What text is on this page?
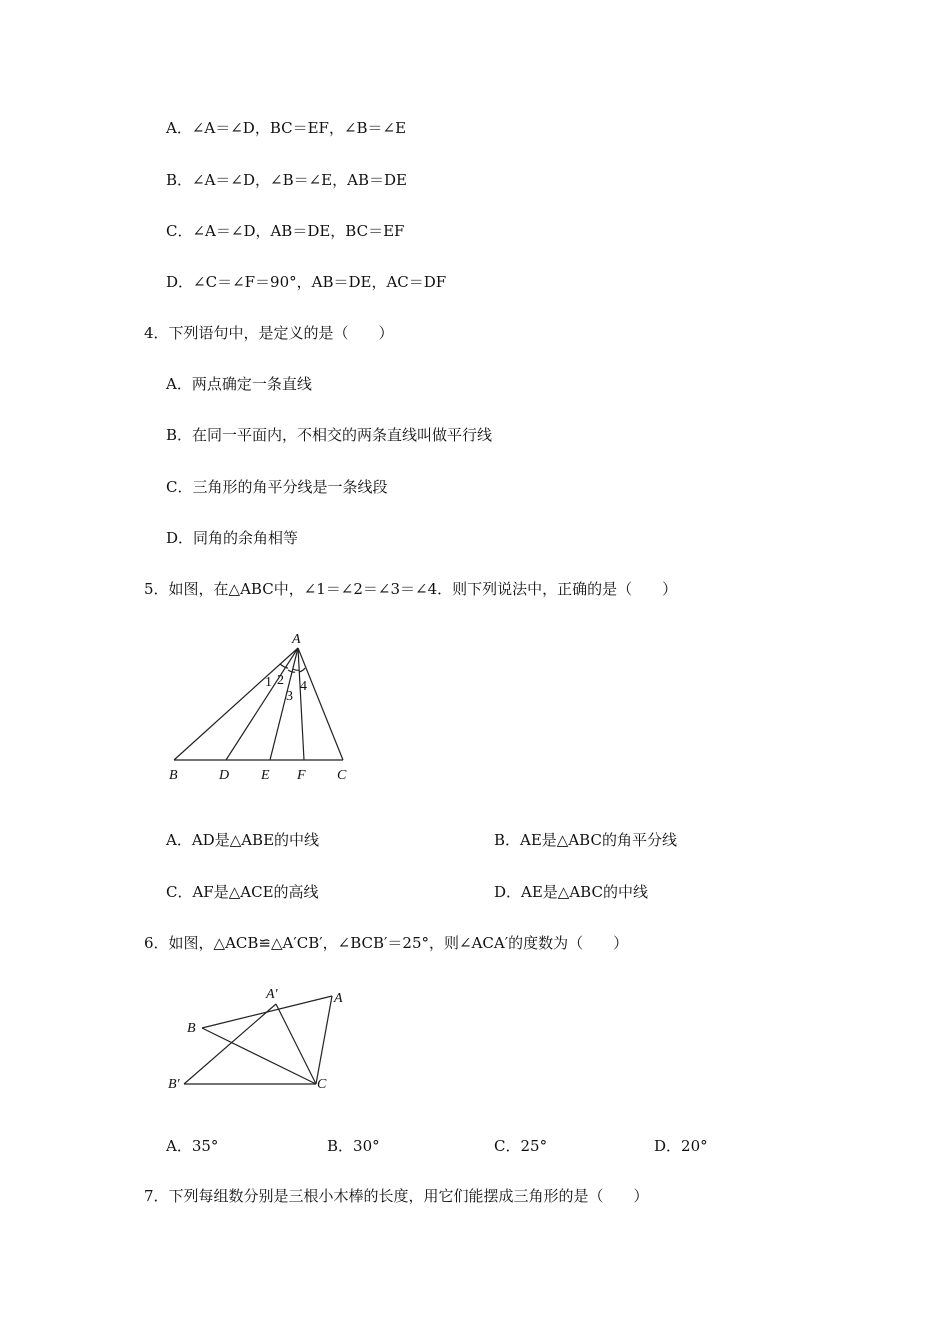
A．∠A＝∠D，BC＝EF，∠B＝∠E
B．∠A＝∠D，∠B＝∠E，AB＝DE
C．∠A＝∠D，AB＝DE，BC＝EF
D．∠C＝∠F＝90°，AB＝DE，AC＝DF
4．下列语句中，是定义的是（　　）
A．两点确定一条直线
B．在同一平面内，不相交的两条直线叫做平行线
C．三角形的角平分线是一条线段
D．同角的余角相等
5．如图，在△ABC中，∠1＝∠2＝∠3＝∠4．则下列说法中，正确的是（　　）
A
B	D E F C
1 2
3
4
A．AD是△ABE的中线	B．AE是△ABC的角平分线
C．AF是△ACE的高线	D．AE是△ABC的中线
6．如图，△ACB≌△A′CB′，∠BCB′＝25°，则∠ACA′的度数为（　　）
A′	A
B
B′	C
A．35°	B．30°	C．25°	D．20°
7．下列每组数分别是三根小木棒的长度，用它们能摆成三角形的是（　　）
